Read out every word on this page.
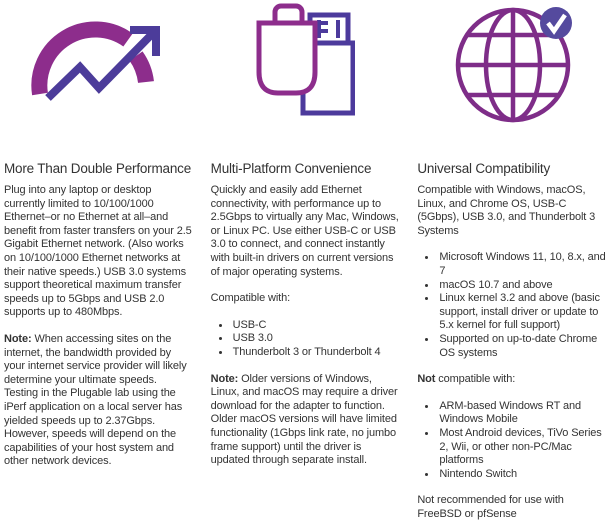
More Than Double Performance

Plug into any laptop or desktop currently limited to 10/100/1000 Ethernet–or no Ethernet at all–and benefit from faster transfers on your 2.5 Gigabit Ethernet network. (Also works on 10/100/1000 Ethernet networks at their native speeds.) USB 3.0 systems support theoretical maximum transfer speeds up to 5Gbps and USB 2.0 supports up to 480Mbps.

Note: When accessing sites on the internet, the bandwidth provided by your internet service provider will likely determine your ultimate speeds. Testing in the Plugable lab using the iPerf application on a local server has yielded speeds up to 2.37Gbps. However, speeds will depend on the capabilities of your host system and other network devices.

Multi-Platform Convenience

Quickly and easily add Ethernet connectivity, with performance up to 2.5Gbps to virtually any Mac, Windows, or Linux PC. Use either USB-C or USB 3.0 to connect, and connect instantly with built-in drivers on current versions of major operating systems.

Compatible with:

• USB-C
• USB 3.0
• Thunderbolt 3 or Thunderbolt 4

Note: Older versions of Windows, Linux, and macOS may require a driver download for the adapter to function. Older macOS versions will have limited functionality (1Gbps link rate, no jumbo frame support) until the driver is updated through separate install.

Universal Compatibility

Compatible with Windows, macOS, Linux, and Chrome OS, USB-C (5Gbps), USB 3.0, and Thunderbolt 3 Systems

• Microsoft Windows 11, 10, 8.x, and 7
• macOS 10.7 and above
• Linux kernel 3.2 and above (basic support, install driver or update to 5.x kernel for full support)
• Supported on up-to-date Chrome OS systems

Not compatible with:

• ARM-based Windows RT and Windows Mobile
• Most Android devices, TiVo Series 2, Wii, or other non-PC/Mac platforms
• Nintendo Switch

Not recommended for use with FreeBSD or pfSense
